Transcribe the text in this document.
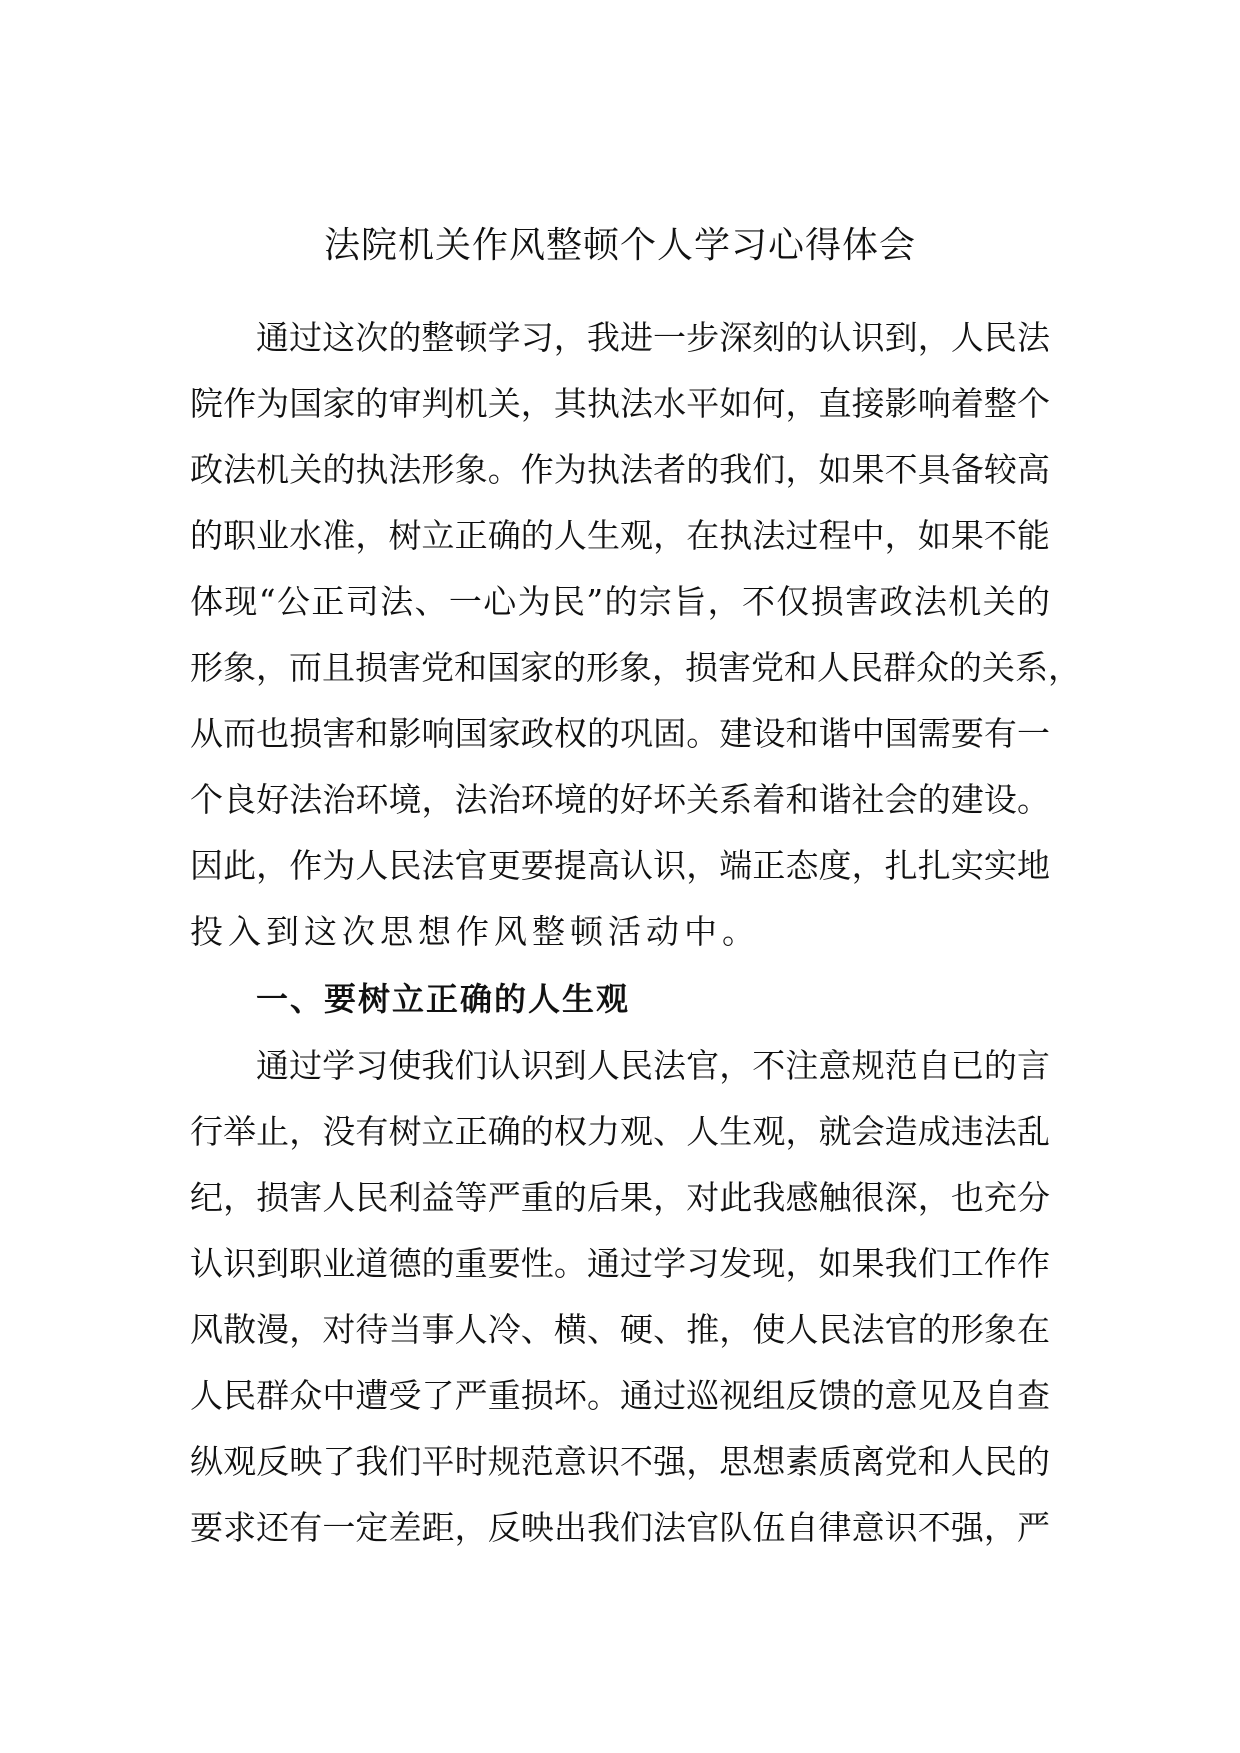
法院机关作风整顿个人学习心得体会

通过这次的整顿学习，我进一步深刻的认识到，人民法

院作为国家的审判机关，其执法水平如何，直接影响着整个

政法机关的执法形象。作为执法者的我们，如果不具备较高

的职业水准，树立正确的人生观，在执法过程中，如果不能

体现“公正司法、一心为民”的宗旨，不仅损害政法机关的

形象，而且损害党和国家的形象，损害党和人民群众的关系，

从而也损害和影响国家政权的巩固。建设和谐中国需要有一

个良好法治环境，法治环境的好坏关系着和谐社会的建设。

因此，作为人民法官更要提高认识，端正态度，扎扎实实地

投入到这次思想作风整顿活动中。

一、要树立正确的人生观

通过学习使我们认识到人民法官，不注意规范自已的言

行举止，没有树立正确的权力观、人生观，就会造成违法乱

纪，损害人民利益等严重的后果，对此我感触很深，也充分

认识到职业道德的重要性。通过学习发现，如果我们工作作

风散漫，对待当事人冷、横、硬、推，使人民法官的形象在

人民群众中遭受了严重损坏。通过巡视组反馈的意见及自查

纵观反映了我们平时规范意识不强，思想素质离党和人民的

要求还有一定差距，反映出我们法官队伍自律意识不强，严
